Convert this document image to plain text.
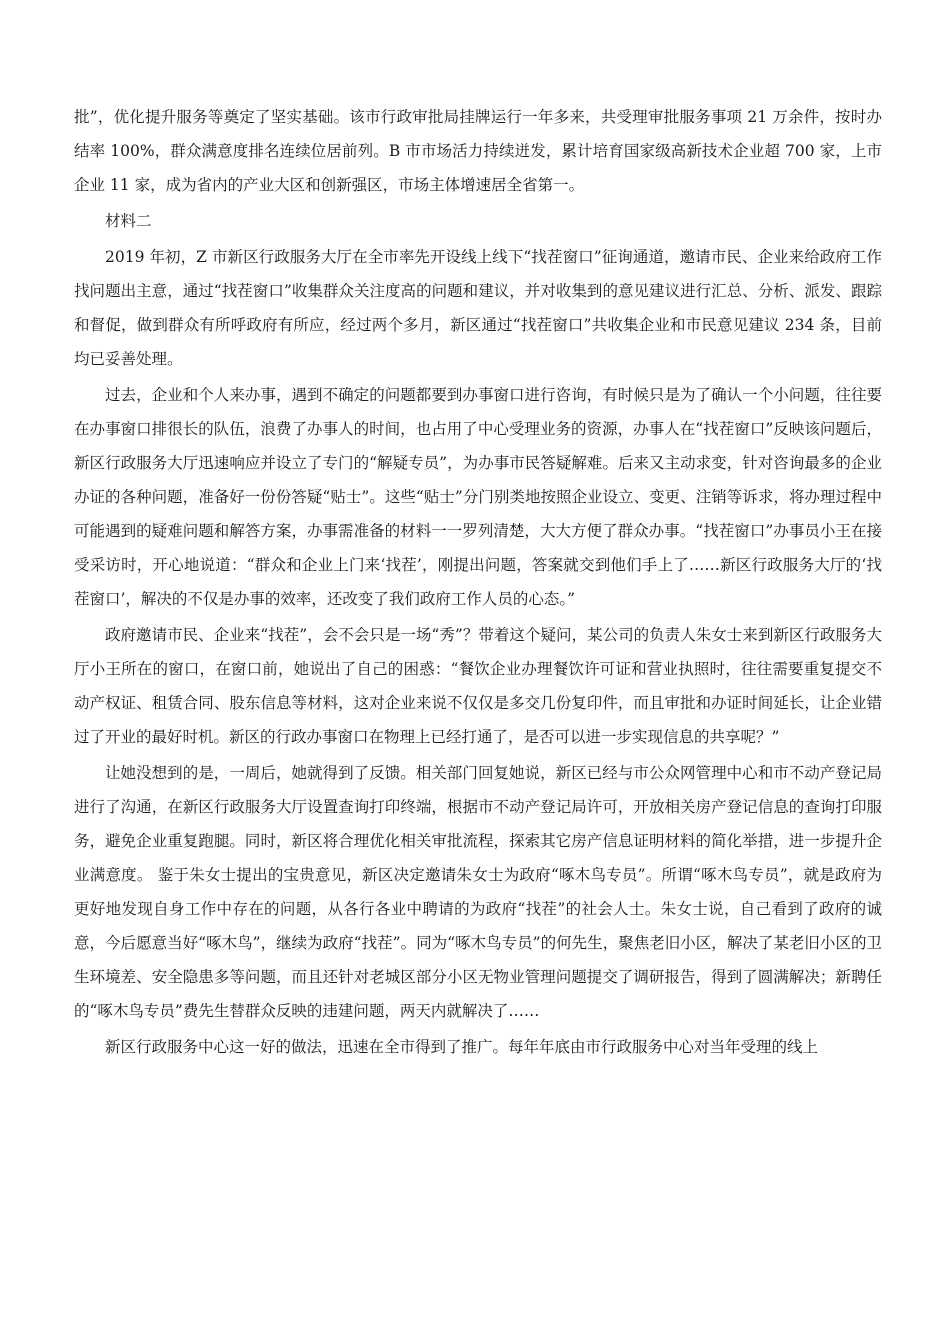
批”，优化提升服务等奠定了坚实基础。该市行政审批局挂牌运行一年多来，共受理审批服务事项 21 万余件，按时办结率 100%，群众满意度排名连续位居前列。B 市市场活力持续迸发，累计培育国家级高新技术企业超 700 家，上市企业 11 家，成为省内的产业大区和创新强区，市场主体增速居全省第一。

材料二

2019 年初，Z 市新区行政服务大厅在全市率先开设线上线下“找茬窗口”征询通道，邀请市民、企业来给政府工作找问题出主意，通过“找茬窗口”收集群众关注度高的问题和建议，并对收集到的意见建议进行汇总、分析、派发、跟踪和督促，做到群众有所呼政府有所应，经过两个多月，新区通过“找茬窗口”共收集企业和市民意见建议 234 条，目前均已妥善处理。

过去，企业和个人来办事，遇到不确定的问题都要到办事窗口进行咨询，有时候只是为了确认一个小问题，往往要在办事窗口排很长的队伍，浪费了办事人的时间，也占用了中心受理业务的资源，办事人在“找茬窗口”反映该问题后，新区行政服务大厅迅速响应并设立了专门的“解疑专员”，为办事市民答疑解难。后来又主动求变，针对咨询最多的企业办证的各种问题，准备好一份份答疑“贴士”。这些“贴士”分门别类地按照企业设立、变更、注销等诉求，将办理过程中可能遇到的疑难问题和解答方案，办事需准备的材料一一罗列清楚，大大方便了群众办事。“找茬窗口”办事员小王在接受采访时，开心地说道：“群众和企业上门来‘找茬’，刚提出问题，答案就交到他们手上了……新区行政服务大厅的‘找茬窗口’，解决的不仅是办事的效率，还改变了我们政府工作人员的心态。”

政府邀请市民、企业来“找茬”，会不会只是一场“秀”？带着这个疑问，某公司的负责人朱女士来到新区行政服务大厅小王所在的窗口，在窗口前，她说出了自己的困惑：“餐饮企业办理餐饮许可证和营业执照时，往往需要重复提交不动产权证、租赁合同、股东信息等材料，这对企业来说不仅仅是多交几份复印件，而且审批和办证时间延长，让企业错过了开业的最好时机。新区的行政办事窗口在物理上已经打通了，是否可以进一步实现信息的共享呢？”

让她没想到的是，一周后，她就得到了反馈。相关部门回复她说，新区已经与市公众网管理中心和市不动产登记局进行了沟通，在新区行政服务大厅设置查询打印终端，根据市不动产登记局许可，开放相关房产登记信息的查询打印服务，避免企业重复跑腿。同时，新区将合理优化相关审批流程，探索其它房产信息证明材料的简化举措，进一步提升企业满意度。 鉴于朱女士提出的宝贵意见，新区决定邀请朱女士为政府“啄木鸟专员”。所谓“啄木鸟专员”，就是政府为更好地发现自身工作中存在的问题，从各行各业中聘请的为政府“找茬”的社会人士。朱女士说，自己看到了政府的诚意，今后愿意当好“啄木鸟”，继续为政府“找茬”。同为“啄木鸟专员”的何先生，聚焦老旧小区，解决了某老旧小区的卫生环境差、安全隐患多等问题，而且还针对老城区部分小区无物业管理问题提交了调研报告，得到了圆满解决；新聘任的“啄木鸟专员”费先生替群众反映的违建问题，两天内就解决了……

新区行政服务中心这一好的做法，迅速在全市得到了推广。每年年底由市行政服务中心对当年受理的线上
